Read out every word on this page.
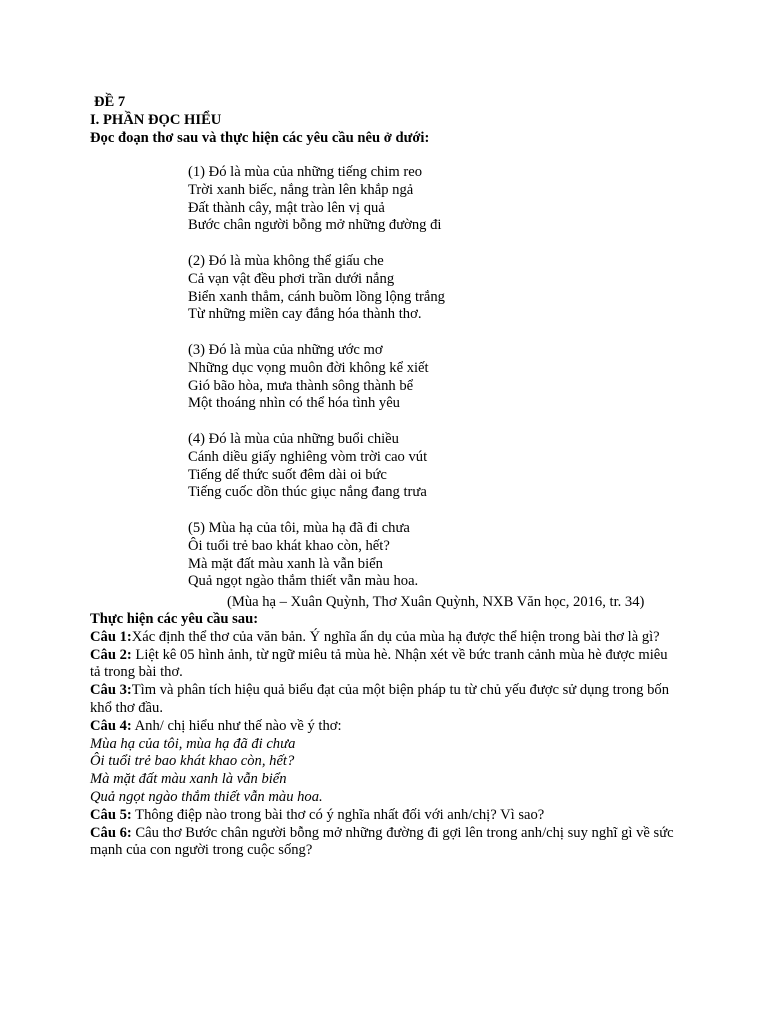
ĐỀ 7
I. PHẦN ĐỌC HIỂU
Đọc đoạn thơ sau và thực hiện các yêu cầu nêu ở dưới:
(1) Đó là mùa của những tiếng chim reo
Trời xanh biếc, nắng tràn lên khắp ngả
Đất thành cây, mật trào lên vị quả
Bước chân người bỗng mở những đường đi
(2) Đó là mùa không thể giấu che
Cả vạn vật đều phơi trần dưới nắng
Biển xanh thẳm, cánh buồm lồng lộng trắng
Từ những miền cay đắng hóa thành thơ.
(3) Đó là mùa của những ước mơ
Những dục vọng muôn đời không kể xiết
Gió bão hòa, mưa thành sông thành bể
Một thoáng nhìn có thể hóa tình yêu
(4) Đó là mùa của những buổi chiều
Cánh diều giấy nghiêng vòm trời cao vút
Tiếng dế thức suốt đêm dài oi bức
Tiếng cuốc dồn thúc giục nắng đang trưa
(5) Mùa hạ của tôi, mùa hạ đã đi chưa
Ôi tuổi trẻ bao khát khao còn, hết?
Mà mặt đất màu xanh là vẫn biển
Quả ngọt ngào thắm thiết vẫn màu hoa.
(Mùa hạ – Xuân Quỳnh, Thơ Xuân Quỳnh, NXB Văn học, 2016, tr. 34)
Thực hiện các yêu cầu sau:
Câu 1:Xác định thể thơ của văn bản. Ý nghĩa ẩn dụ của mùa hạ được thể hiện trong bài thơ là gì?
Câu 2: Liệt kê 05 hình ảnh, từ ngữ miêu tả mùa hè. Nhận xét về bức tranh cảnh mùa hè được miêu tả trong bài thơ.
Câu 3:Tìm và phân tích hiệu quả biểu đạt của một biện pháp tu từ chủ yếu được sử dụng trong bốn khổ thơ đầu.
Câu 4: Anh/ chị hiểu như thế nào về ý thơ:
Mùa hạ của tôi, mùa hạ đã đi chưa
Ôi tuổi trẻ bao khát khao còn, hết?
Mà mặt đất màu xanh là vẫn biển
Quả ngọt ngào thắm thiết vẫn màu hoa.
Câu 5: Thông điệp nào trong bài thơ có ý nghĩa nhất đối với anh/chị? Vì sao?
Câu 6: Câu thơ Bước chân người bỗng mở những đường đi gợi lên trong anh/chị suy nghĩ gì về sức mạnh của con người trong cuộc sống?
